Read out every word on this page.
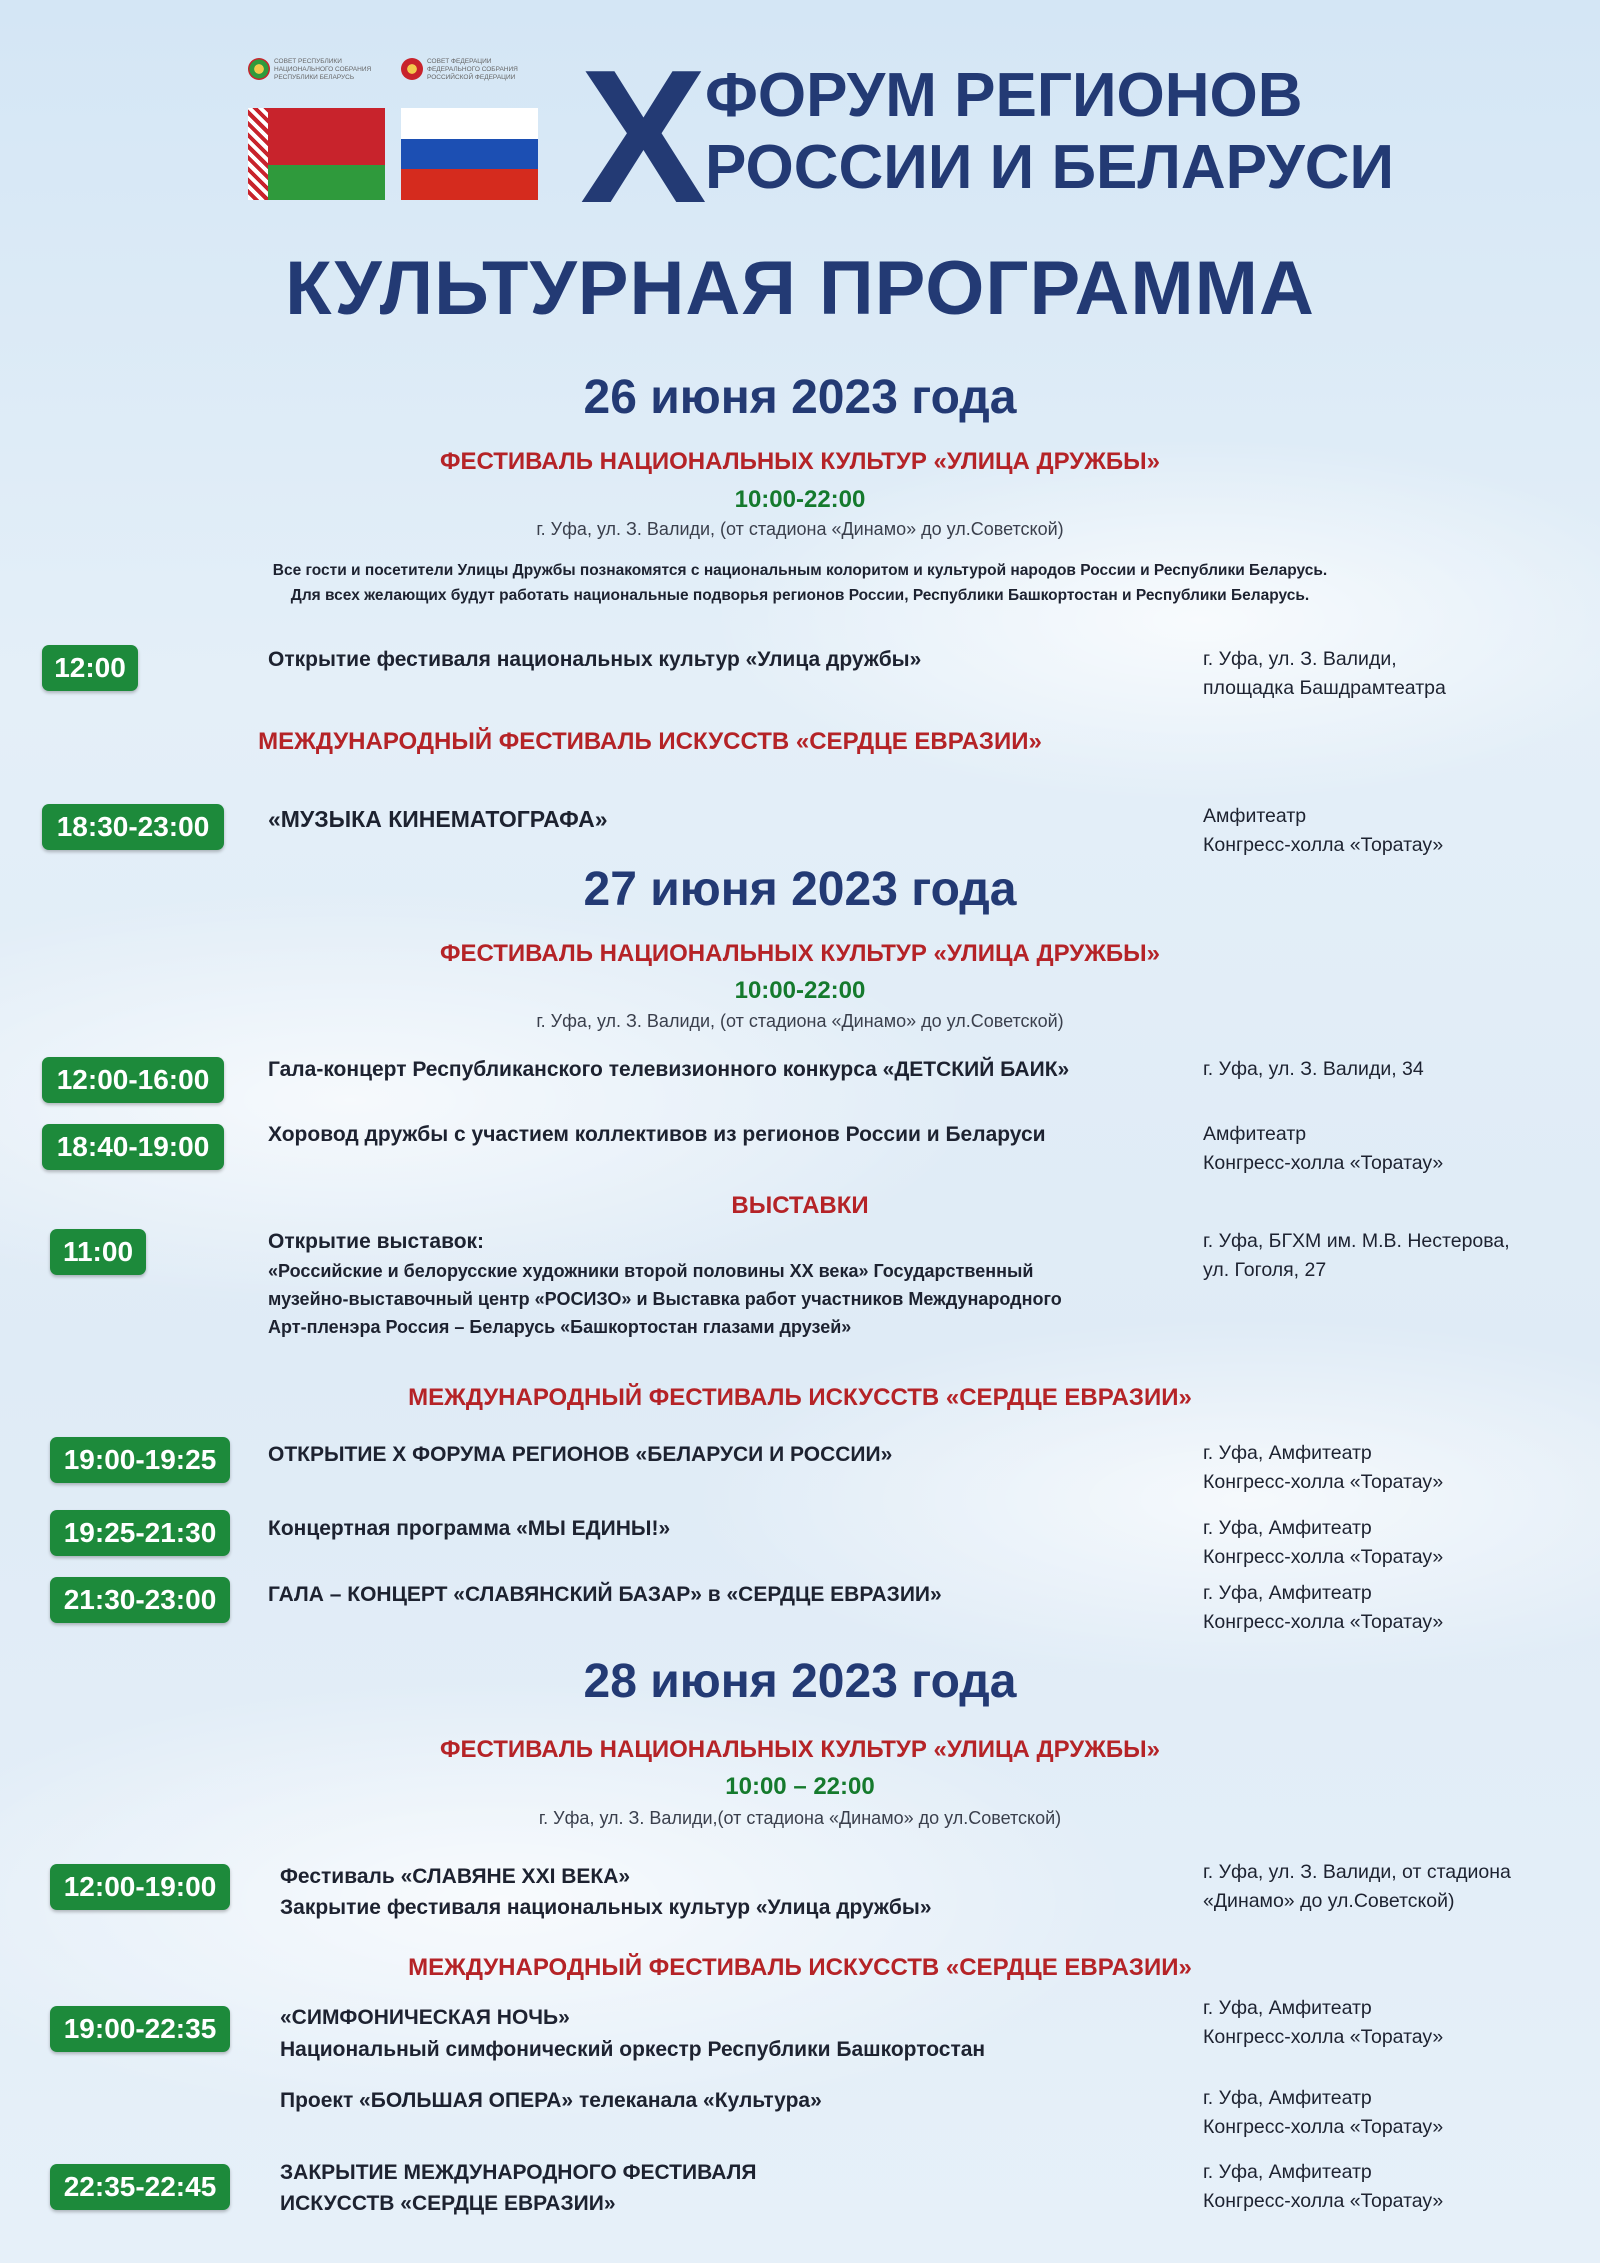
СОВЕТ РЕСПУБЛИКИ НАЦИОНАЛЬНОГО СОБРАНИЯ РЕСПУБЛИКИ БЕЛАРУСЬ
СОВЕТ ФЕДЕРАЦИИ ФЕДЕРАЛЬНОГО СОБРАНИЯ РОССИЙСКОЙ ФЕДЕРАЦИИ X
ФОРУМ РЕГИОНОВ
РОССИИ И БЕЛАРУСИ
КУЛЬТУРНАЯ ПРОГРАММА
26 июня 2023 года
ФЕСТИВАЛЬ НАЦИОНАЛЬНЫХ КУЛЬТУР «УЛИЦА ДРУЖБЫ»
10:00-22:00
г. Уфа, ул. З. Валиди, (от стадиона «Динамо» до ул.Советской)
Все гости и посетители Улицы Дружбы познакомятся с национальным колоритом и культурой народов России и Республики Беларусь.
Для всех желающих будут работать национальные подворья регионов России, Республики Башкортостан и Республики Беларусь.
12:00	Открытие фестиваля национальных культур «Улица дружбы»	г. Уфа, ул. З. Валиди,
площадка Башдрамтеатра
МЕЖДУНАРОДНЫЙ ФЕСТИВАЛЬ ИСКУССТВ «СЕРДЦЕ ЕВРАЗИИ»
18:30-23:00	«МУЗЫКА КИНЕМАТОГРАФА»	Амфитеатр
Конгресс-холла «Торатау»
27 июня 2023 года
ФЕСТИВАЛЬ НАЦИОНАЛЬНЫХ КУЛЬТУР «УЛИЦА ДРУЖБЫ»
10:00-22:00
г. Уфа, ул. З. Валиди, (от стадиона «Динамо» до ул.Советской)
12:00-16:00	Гала-концерт Республиканского телевизионного конкурса «ДЕТСКИЙ БАИК»	г. Уфа, ул. З. Валиди, 34
18:40-19:00	Хоровод дружбы с участием коллективов из регионов России и Беларуси	Амфитеатр
Конгресс-холла «Торатау»
ВЫСТАВКИ
11:00	Открытие выставок:
«Российские и белорусские художники второй половины XX века» Государственный
музейно-выставочный центр «РОСИЗО» и Выставка работ участников Международного
Арт-пленэра Россия – Беларусь «Башкортостан глазами друзей»
г. Уфа, БГХМ им. М.В. Нестерова,
ул. Гоголя, 27
МЕЖДУНАРОДНЫЙ ФЕСТИВАЛЬ ИСКУССТВ «СЕРДЦЕ ЕВРАЗИИ»
19:00-19:25	ОТКРЫТИЕ Х ФОРУМА РЕГИОНОВ «БЕЛАРУСИ И РОССИИ»	г. Уфа, Амфитеатр
Конгресс-холла «Торатау»
19:25-21:30	Концертная программа «МЫ ЕДИНЫ!»	г. Уфа, Амфитеатр
Конгресс-холла «Торатау»
21:30-23:00	ГАЛА – КОНЦЕРТ «СЛАВЯНСКИЙ БАЗАР» в «СЕРДЦЕ ЕВРАЗИИ»	г. Уфа, Амфитеатр
Конгресс-холла «Торатау»
28 июня 2023 года
ФЕСТИВАЛЬ НАЦИОНАЛЬНЫХ КУЛЬТУР «УЛИЦА ДРУЖБЫ»
10:00 – 22:00
г. Уфа, ул. З. Валиди,(от стадиона «Динамо» до ул.Советской)
12:00-19:00	Фестиваль «СЛАВЯНЕ XXI ВЕКА»
Закрытие фестиваля национальных культур «Улица дружбы»
г. Уфа, ул. З. Валиди, от стадиона
«Динамо» до ул.Советской)
МЕЖДУНАРОДНЫЙ ФЕСТИВАЛЬ ИСКУССТВ «СЕРДЦЕ ЕВРАЗИИ»
19:00-22:35	«СИМФОНИЧЕСКАЯ НОЧЬ»
Национальный симфонический оркестр Республики Башкортостан
г. Уфа, Амфитеатр
Конгресс-холла «Торатау»
Проект «БОЛЬШАЯ ОПЕРА» телеканала «Культура»	г. Уфа, Амфитеатр
Конгресс-холла «Торатау»
22:35-22:45	ЗАКРЫТИЕ МЕЖДУНАРОДНОГО ФЕСТИВАЛЯ
ИСКУССТВ «СЕРДЦЕ ЕВРАЗИИ»
г. Уфа, Амфитеатр
Конгресс-холла «Торатау»
